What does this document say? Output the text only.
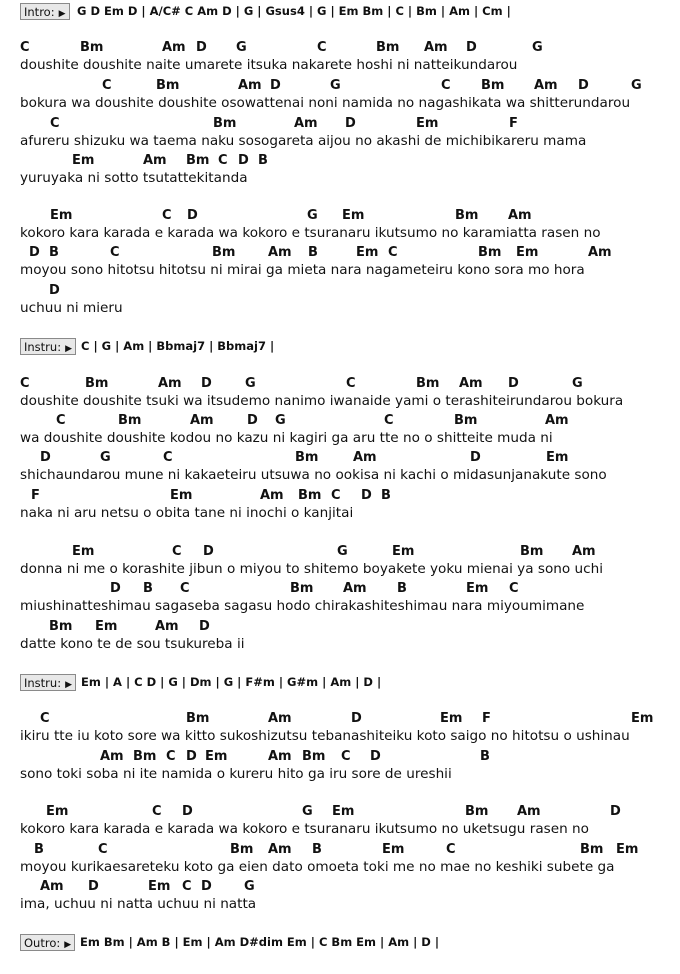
Intro: ▶	G D Em D | A/C# C Am D | G | Gsus4 | G | Em Bm | C | Bm | Am | Cm |
C	Bm	Am D G	C	Bm Am D	G
doushite doushite naite umarete itsuka nakarete hoshi ni natteikundarou
C	Bm	Am D	G	C Bm Am D	G
bokura wa doushite doushite osowattenai noni namida no nagashikata wa shitterundarou
C	Bm	Am D	Em	F
afureru shizuku wa taema naku sosogareta aijou no akashi de michibikareru mama
Em	Am Bm C D B
yuruyaka ni sotto tsutattekitanda
Em	C D	G Em	Bm Am
kokoro kara karada e karada wa kokoro e tsuranaru ikutsumo no karamiatta rasen no
D B	C	Bm	Am B	Em C	Bm Em	Am
moyou sono hitotsu hitotsu ni mirai ga mieta nara nagameteiru kono sora mo hora
D
uchuu ni mieru
Instru: ▶ C | G | Am | Bbmaj7 | Bbmaj7 |
C	Bm	Am D	G	C	Bm Am D	G
doushite doushite tsuki wa itsudemo nanimo iwanaide yami o terashiteirundarou bokura
C	Bm	Am	D G	C	Bm	Am
wa doushite doushite kodou no kazu ni kagiri ga aru tte no o shitteite muda ni
D	G	C	Bm	Am	D	Em
shichaundarou mune ni kakaeteiru utsuwa no ookisa ni kachi o midasunjanakute sono
F	Em	Am Bm C D B
naka ni aru netsu o obita tane ni inochi o kanjitai
Em	C D	G	Em	Bm Am
donna ni me o korashite jibun o miyou to shitemo boyakete yoku mienai ya sono uchi
D B C	Bm Am B	Em C
miushinatteshimau sagaseba sagasu hodo chirakashiteshimau nara miyoumimane
Bm Em	Am D
datte kono te de sou tsukureba ii
Instru: ▶ Em | A | C D | G | Dm | G | F#m | G#m | Am | D |
C	Bm	Am	D	Em F	Em
ikiru tte iu koto sore wa kitto sukoshizutsu tebanashiteiku koto saigo no hitotsu o ushinau
Am Bm C D Em	Am Bm C D	B
sono toki soba ni ite namida o kureru hito ga iru sore de ureshii
Em	C D	G Em	Bm Am	D
kokoro kara karada e karada wa kokoro e tsuranaru ikutsumo no uketsugu rasen no
B	C	Bm Am B	Em	C	Bm Em
moyou kurikaesareteku koto ga eien dato omoeta toki me no mae no keshiki subete ga
Am D	Em C D G
ima, uchuu ni natta uchuu ni natta
Outro: ▶ Em Bm | Am B | Em | Am D#dim Em | C Bm Em | Am | D |
